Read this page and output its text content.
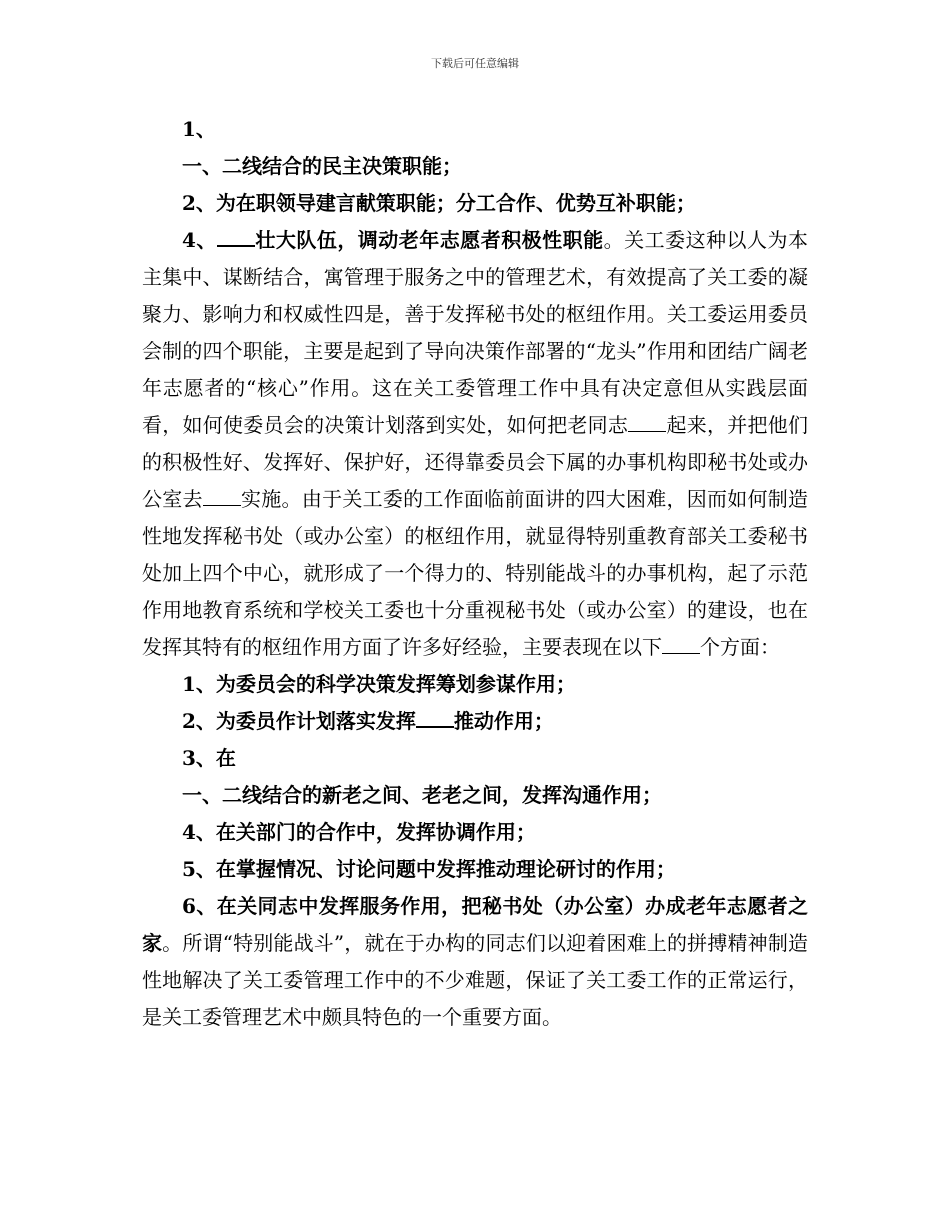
下载后可任意编辑

1、

一、二线结合的民主决策职能；

2、为在职领导建言献策职能；分工合作、优势互补职能；

4、 壮大队伍，调动老年志愿者积极性职能。关工委这种以人为本主集中、谋断结合，寓管理于服务之中的管理艺术，有效提高了关工委的凝聚力、影响力和权威性四是，善于发挥秘书处的枢纽作用。关工委运用委员会制的四个职能，主要是起到了导向决策作部署的“龙头”作用和团结广阔老年志愿者的“核心”作用。这在关工委管理工作中具有决定意但从实践层面看，如何使委员会的决策计划落到实处，如何把老同志 起来，并把他们的积极性好、发挥好、保护好，还得靠委员会下属的办事机构即秘书处或办公室去 实施。由于关工委的工作面临前面讲的四大困难，因而如何制造性地发挥秘书处（或办公室）的枢纽作用，就显得特别重教育部关工委秘书处加上四个中心，就形成了一个得力的、特别能战斗的办事机构，起了示范作用地教育系统和学校关工委也十分重视秘书处（或办公室）的建设，也在发挥其特有的枢纽作用方面了许多好经验，主要表现在以下 个方面：

1、为委员会的科学决策发挥筹划参谋作用；

2、为委员作计划落实发挥 推动作用；

3、在

一、二线结合的新老之间、老老之间，发挥沟通作用；

4、在关部门的合作中，发挥协调作用；

5、在掌握情况、讨论问题中发挥推动理论研讨的作用；

6、在关同志中发挥服务作用，把秘书处（办公室）办成老年志愿者之家。所谓“特别能战斗”，就在于办构的同志们以迎着困难上的拼搏精神制造性地解决了关工委管理工作中的不少难题，保证了关工委工作的正常运行，是关工委管理艺术中颇具特色的一个重要方面。
